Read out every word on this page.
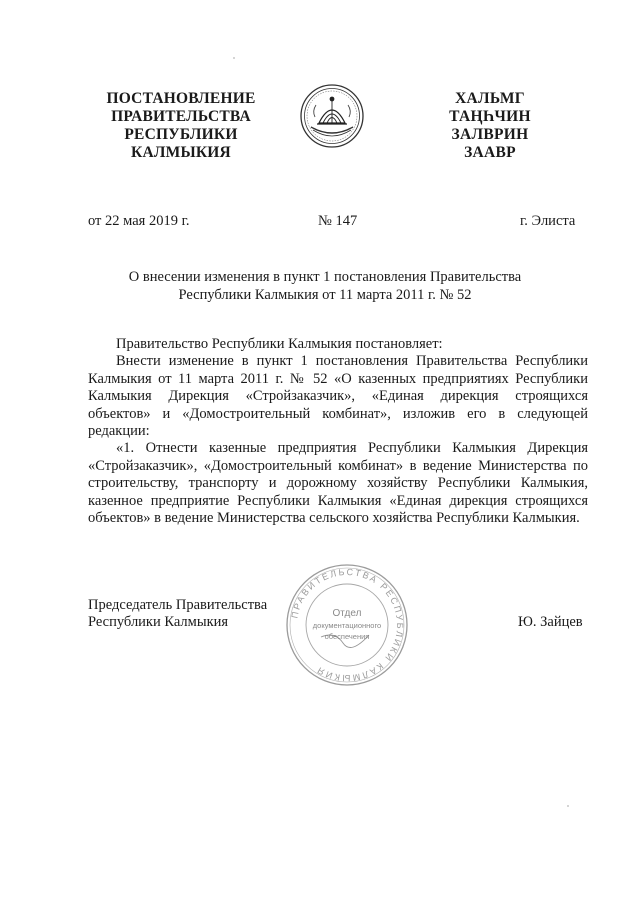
ПОСТАНОВЛЕНИЕ
ПРАВИТЕЛЬСТВА
РЕСПУБЛИКИ
КАЛМЫКИЯ
ХАЛЬМГ
ТАҢҺЧИН
ЗАЛВРИН
ЗААВР
от 22 мая 2019 г.	№ 147	г. Элиста
О внесении изменения в пункт 1 постановления Правительства
Республики Калмыкия от 11 марта 2011 г. № 52

Правительство Республики Калмыкия постановляет:

Внести изменение в пункт 1 постановления Правительства Республики Калмыкия от 11 марта 2011 г. № 52 «О казенных предприятиях Республики Калмыкия Дирекция «Стройзаказчик», «Единая дирекция строящихся объектов» и «Домостроительный комбинат», изложив его в следующей редакции:

«1. Отнести казенные предприятия Республики Калмыкия Дирекция «Стройзаказчик», «Домостроительный комбинат» в ведение Министерства по строительству, транспорту и дорожному хозяйству Республики Калмыкия, казенное предприятие Республики Калмыкия «Единая дирекция строящихся объектов» в ведение Министерства сельского хозяйства Республики Калмыкия.

Председатель Правительства
Республики Калмыкия
ПРАВИТЕЛЬСТВА РЕСПУБЛИКИ КАЛМЫКИЯ
Отдел
документационного
обеспечения
Ю. Зайцев
